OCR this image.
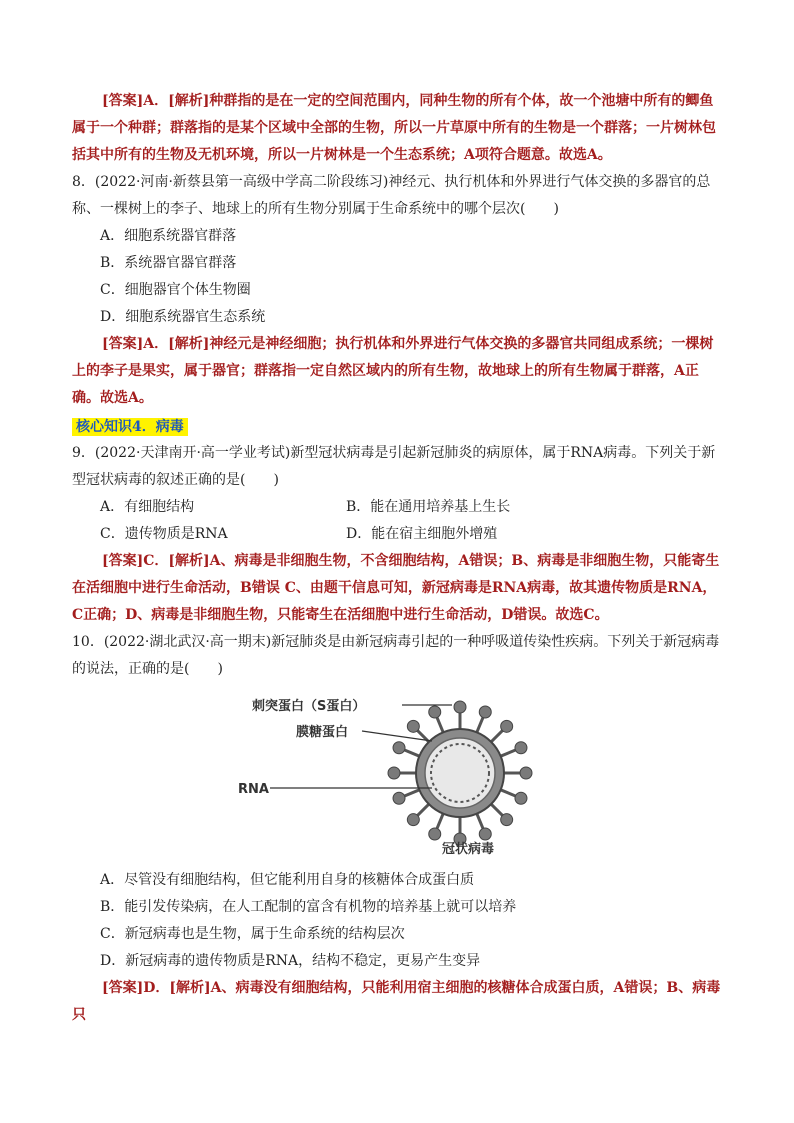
[答案]A．[解析]种群指的是在一定的空间范围内，同种生物的所有个体，故一个池塘中所有的鲫鱼属于一个种群；群落指的是某个区域中全部的生物，所以一片草原中所有的生物是一个群落；一片树林包括其中所有的生物及无机环境，所以一片树林是一个生态系统；A项符合题意。故选A。

8．(2022·河南·新蔡县第一高级中学高二阶段练习)神经元、执行机体和外界进行气体交换的多器官的总称、一棵树上的李子、地球上的所有生物分别属于生命系统中的哪个层次(　　)

A．细胞系统器官群落
B．系统器官器官群落
C．细胞器官个体生物圈
D．细胞系统器官生态系统

[答案]A．[解析]神经元是神经细胞；执行机体和外界进行气体交换的多器官共同组成系统；一棵树上的李子是果实，属于器官；群落指一定自然区域内的所有生物，故地球上的所有生物属于群落，A正确。故选A。

核心知识4．病毒

9．(2022·天津南开·高一学业考试)新型冠状病毒是引起新冠肺炎的病原体，属于RNA病毒。下列关于新型冠状病毒的叙述正确的是(　　)

A．有细胞结构	B．能在通用培养基上生长
C．遗传物质是RNA	D．能在宿主细胞外增殖

[答案]C．[解析]A、病毒是非细胞生物，不含细胞结构，A错误；B、病毒是非细胞生物，只能寄生在活细胞中进行生命活动，B错误 C、由题干信息可知，新冠病毒是RNA病毒，故其遗传物质是RNA，C正确；D、病毒是非细胞生物，只能寄生在活细胞中进行生命活动，D错误。故选C。

10．(2022·湖北武汉·高一期末)新冠肺炎是由新冠病毒引起的一种呼吸道传染性疾病。下列关于新冠病毒的说法，正确的是(　　)

刺突蛋白（S蛋白）
膜糖蛋白
RNA
冠状病毒
A．尽管没有细胞结构，但它能利用自身的核糖体合成蛋白质
B．能引发传染病，在人工配制的富含有机物的培养基上就可以培养
C．新冠病毒也是生物，属于生命系统的结构层次
D．新冠病毒的遗传物质是RNA，结构不稳定，更易产生变异

[答案]D．[解析]A、病毒没有细胞结构，只能利用宿主细胞的核糖体合成蛋白质，A错误；B、病毒只
